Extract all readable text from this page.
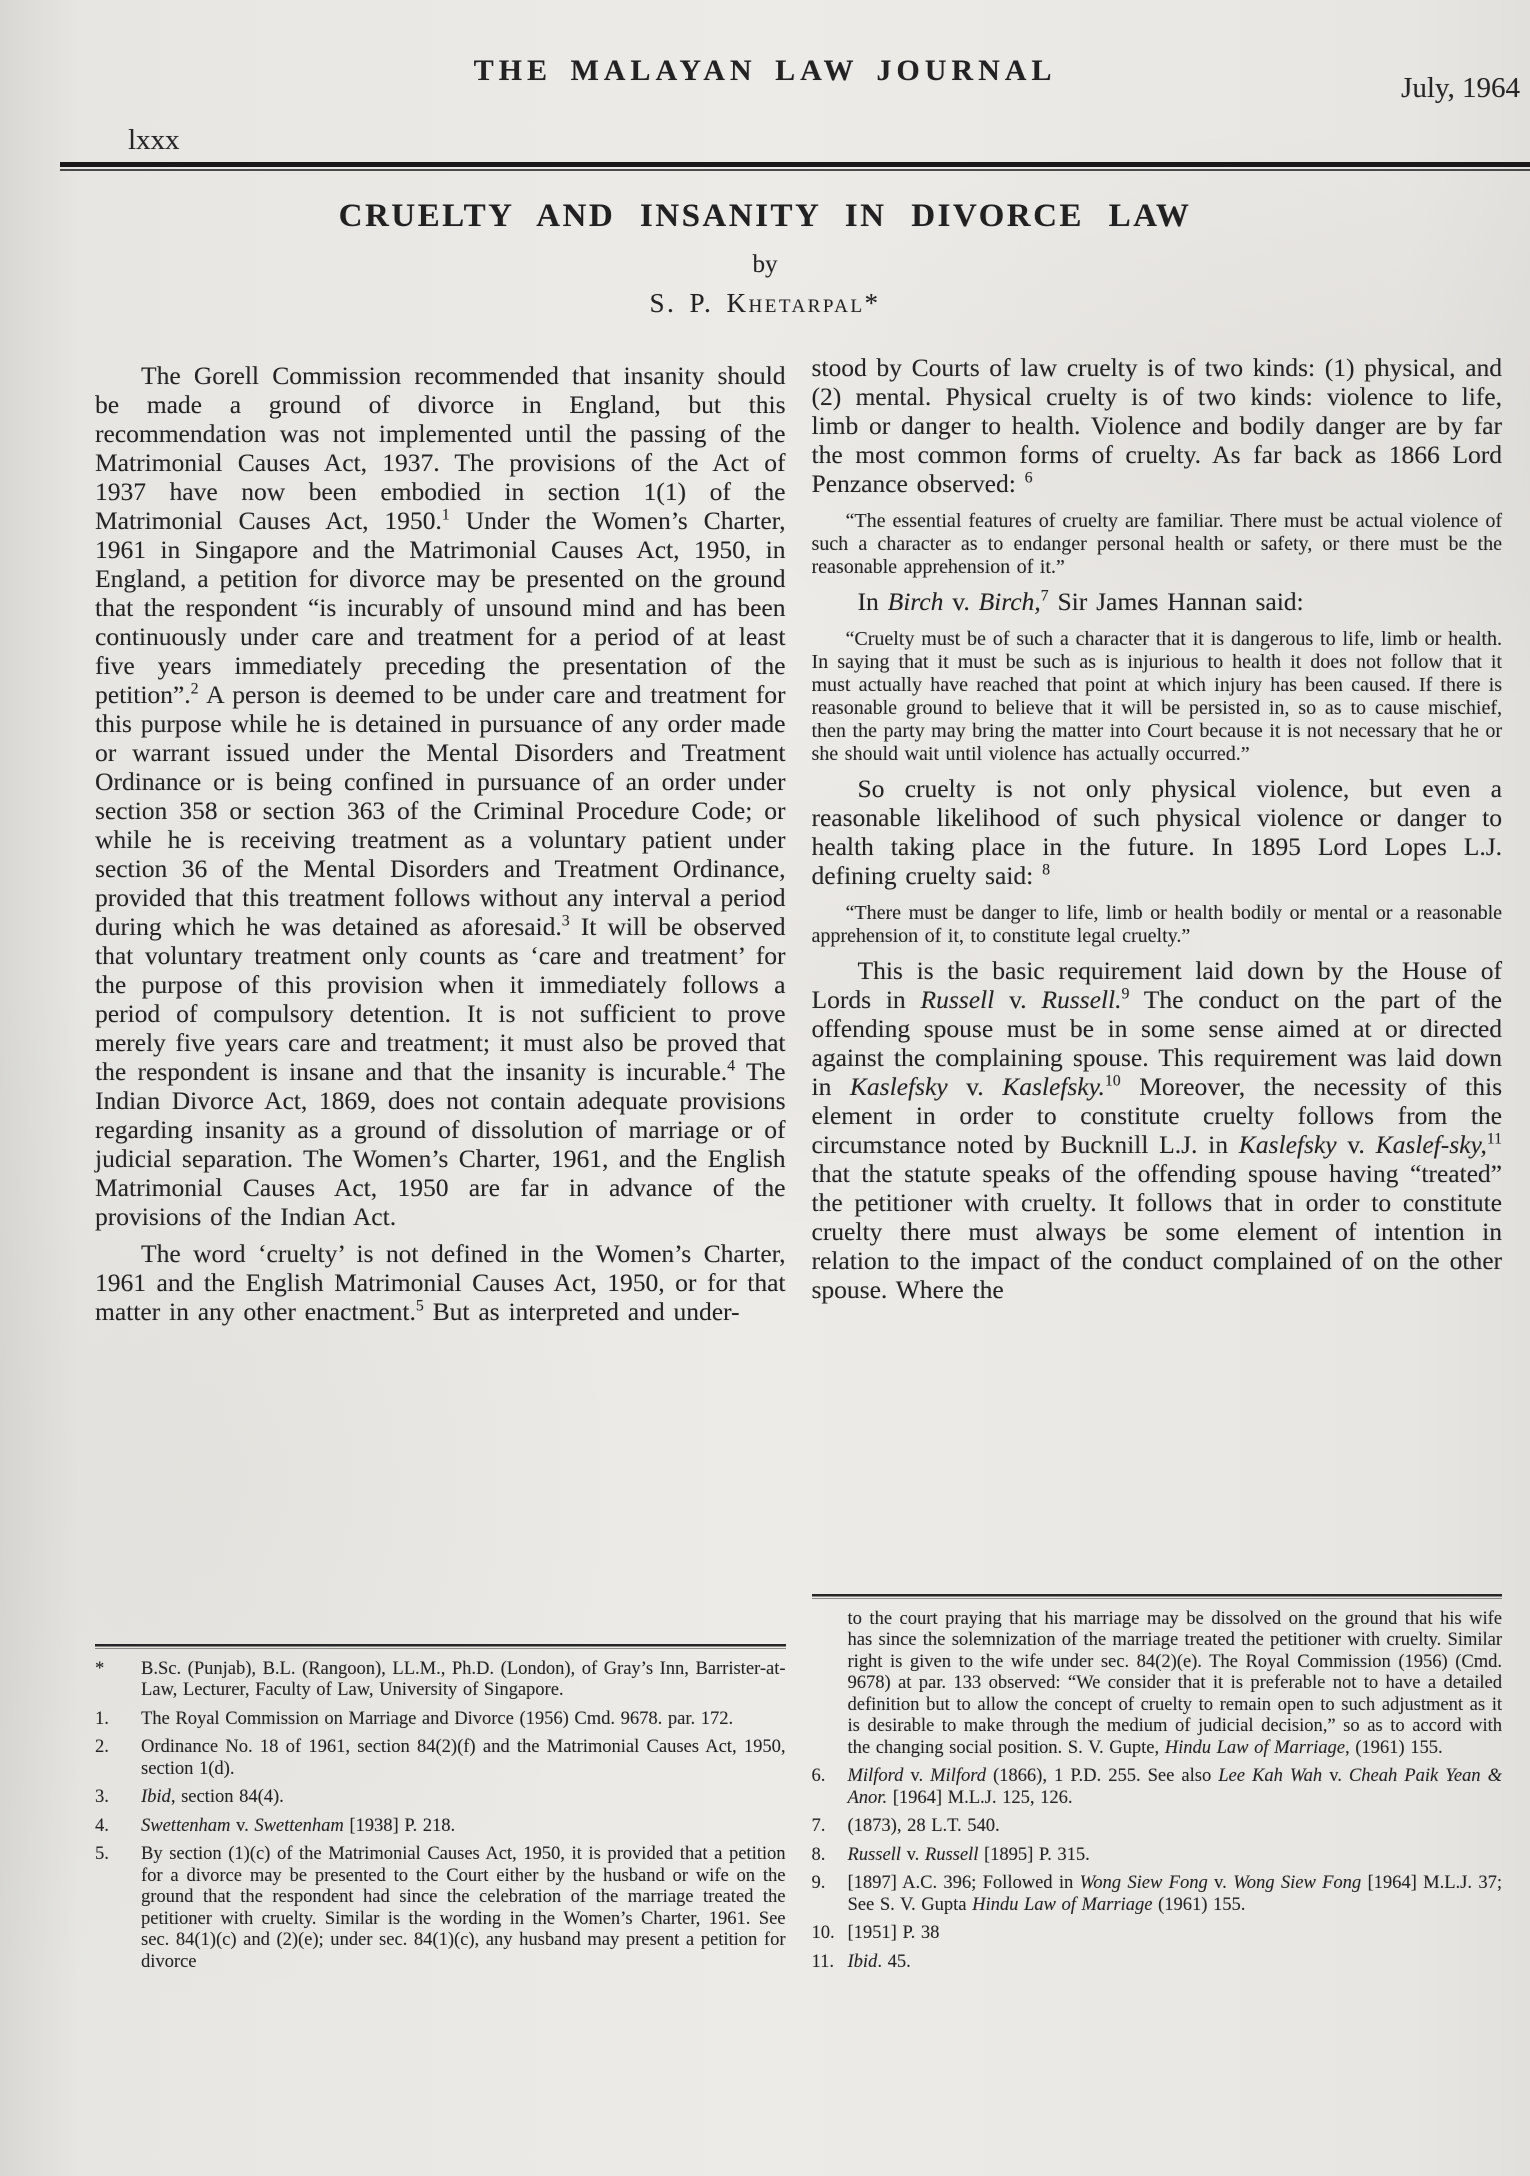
THE MALAYAN LAW JOURNAL
July, 1964
lxxx
CRUELTY AND INSANITY IN DIVORCE LAW
by
S. P. Khetarpal*
The Gorell Commission recommended that insanity should be made a ground of divorce in England, but this recommendation was not implemented until the passing of the Matrimonial Causes Act, 1937. The provisions of the Act of 1937 have now been embodied in section 1(1) of the Matrimonial Causes Act, 1950.$^1$ Under the Women’s Charter, 1961 in Singapore and the Matrimonial Causes Act, 1950, in England, a petition for divorce may be presented on the ground that the respondent “is incurably of unsound mind and has been continuously under care and treatment for a period of at least five years immediately preceding the presentation of the petition”.$^2$ A person is deemed to be under care and treatment for this purpose while he is detained in pursuance of any order made or warrant issued under the Mental Disorders and Treatment Ordinance or is being confined in pursuance of an order under section 358 or section 363 of the Criminal Procedure Code; or while he is receiving treatment as a voluntary patient under section 36 of the Mental Disorders and Treatment Ordinance, provided that this treatment follows without any interval a period during which he was detained as aforesaid.$^3$ It will be observed that voluntary treatment only counts as ‘care and treatment’ for the purpose of this provision when it immediately follows a period of compulsory detention. It is not sufficient to prove merely five years care and treatment; it must also be proved that the respondent is insane and that the insanity is incurable.$^4$ The Indian Divorce Act, 1869, does not contain adequate provisions regarding insanity as a ground of dissolution of marriage or of judicial separation. The Women’s Charter, 1961, and the English Matrimonial Causes Act, 1950 are far in advance of the provisions of the Indian Act.
The word ‘cruelty’ is not defined in the Women’s Charter, 1961 and the English Matrimonial Causes Act, 1950, or for that matter in any other enactment.$^5$ But as interpreted and under-
*	B.Sc. (Punjab), B.L. (Rangoon), LL.M., Ph.D. (London), of Gray’s Inn, Barrister-at-Law, Lecturer, Faculty of Law, University of Singapore.
1.	The Royal Commission on Marriage and Divorce (1956) Cmd. 9678. par. 172.
2.	Ordinance No. 18 of 1961, section 84(2)(f) and the Matrimonial Causes Act, 1950, section 1(d).
3.	Ibid, section 84(4).
4.	Swettenham v. Swettenham [1938] P. 218.
5.	By section (1)(c) of the Matrimonial Causes Act, 1950, it is provided that a petition for a divorce may be presented to the Court either by the husband or wife on the ground that the respondent had since the celebration of the marriage treated the petitioner with cruelty. Similar is the wording in the Women’s Charter, 1961. See sec. 84(1)(c) and (2)(e); under sec. 84(1)(c), any husband may present a petition for divorce
stood by Courts of law cruelty is of two kinds: (1) physical, and (2) mental. Physical cruelty is of two kinds: violence to life, limb or danger to health. Violence and bodily danger are by far the most common forms of cruelty. As far back as 1866 Lord Penzance observed: $^6$
“The essential features of cruelty are familiar. There must be actual violence of such a character as to endanger personal health or safety, or there must be the reasonable apprehension of it.”
In Birch v. Birch,$^7$ Sir James Hannan said:
“Cruelty must be of such a character that it is dangerous to life, limb or health. In saying that it must be such as is injurious to health it does not follow that it must actually have reached that point at which injury has been caused. If there is reasonable ground to believe that it will be persisted in, so as to cause mischief, then the party may bring the matter into Court because it is not necessary that he or she should wait until violence has actually occurred.”
So cruelty is not only physical violence, but even a reasonable likelihood of such physical violence or danger to health taking place in the future. In 1895 Lord Lopes L.J. defining cruelty said: $^8$
“There must be danger to life, limb or health bodily or mental or a reasonable apprehension of it, to constitute legal cruelty.”
This is the basic requirement laid down by the House of Lords in Russell v. Russell.$^9$ The conduct on the part of the offending spouse must be in some sense aimed at or directed against the complaining spouse. This requirement was laid down in Kaslefsky v. Kaslefsky.$^{10}$ Moreover, the necessity of this element in order to constitute cruelty follows from the circumstance noted by Bucknill L.J. in Kaslefsky v. Kaslef-sky,$^{11}$ that the statute speaks of the offending spouse having “treated” the petitioner with cruelty. It follows that in order to constitute cruelty there must always be some element of intention in relation to the impact of the conduct complained of on the other spouse. Where the
to the court praying that his marriage may be dissolved on the ground that his wife has since the solemnization of the marriage treated the petitioner with cruelty. Similar right is given to the wife under sec. 84(2)(e). The Royal Commission (1956) (Cmd. 9678) at par. 133 observed: “We consider that it is preferable not to have a detailed definition but to allow the concept of cruelty to remain open to such adjustment as it is desirable to make through the medium of judicial decision,” so as to accord with the changing social position. S. V. Gupte, Hindu Law of Marriage, (1961) 155.
6.	Milford v. Milford (1866), 1 P.D. 255. See also Lee Kah Wah v. Cheah Paik Yean & Anor. [1964] M.L.J. 125, 126.
7.	(1873), 28 L.T. 540.
8.	Russell v. Russell [1895] P. 315.
9.	[1897] A.C. 396; Followed in Wong Siew Fong v. Wong Siew Fong [1964] M.L.J. 37; See S. V. Gupta Hindu Law of Marriage (1961) 155.
10. [1951] P. 38
11. Ibid. 45.
